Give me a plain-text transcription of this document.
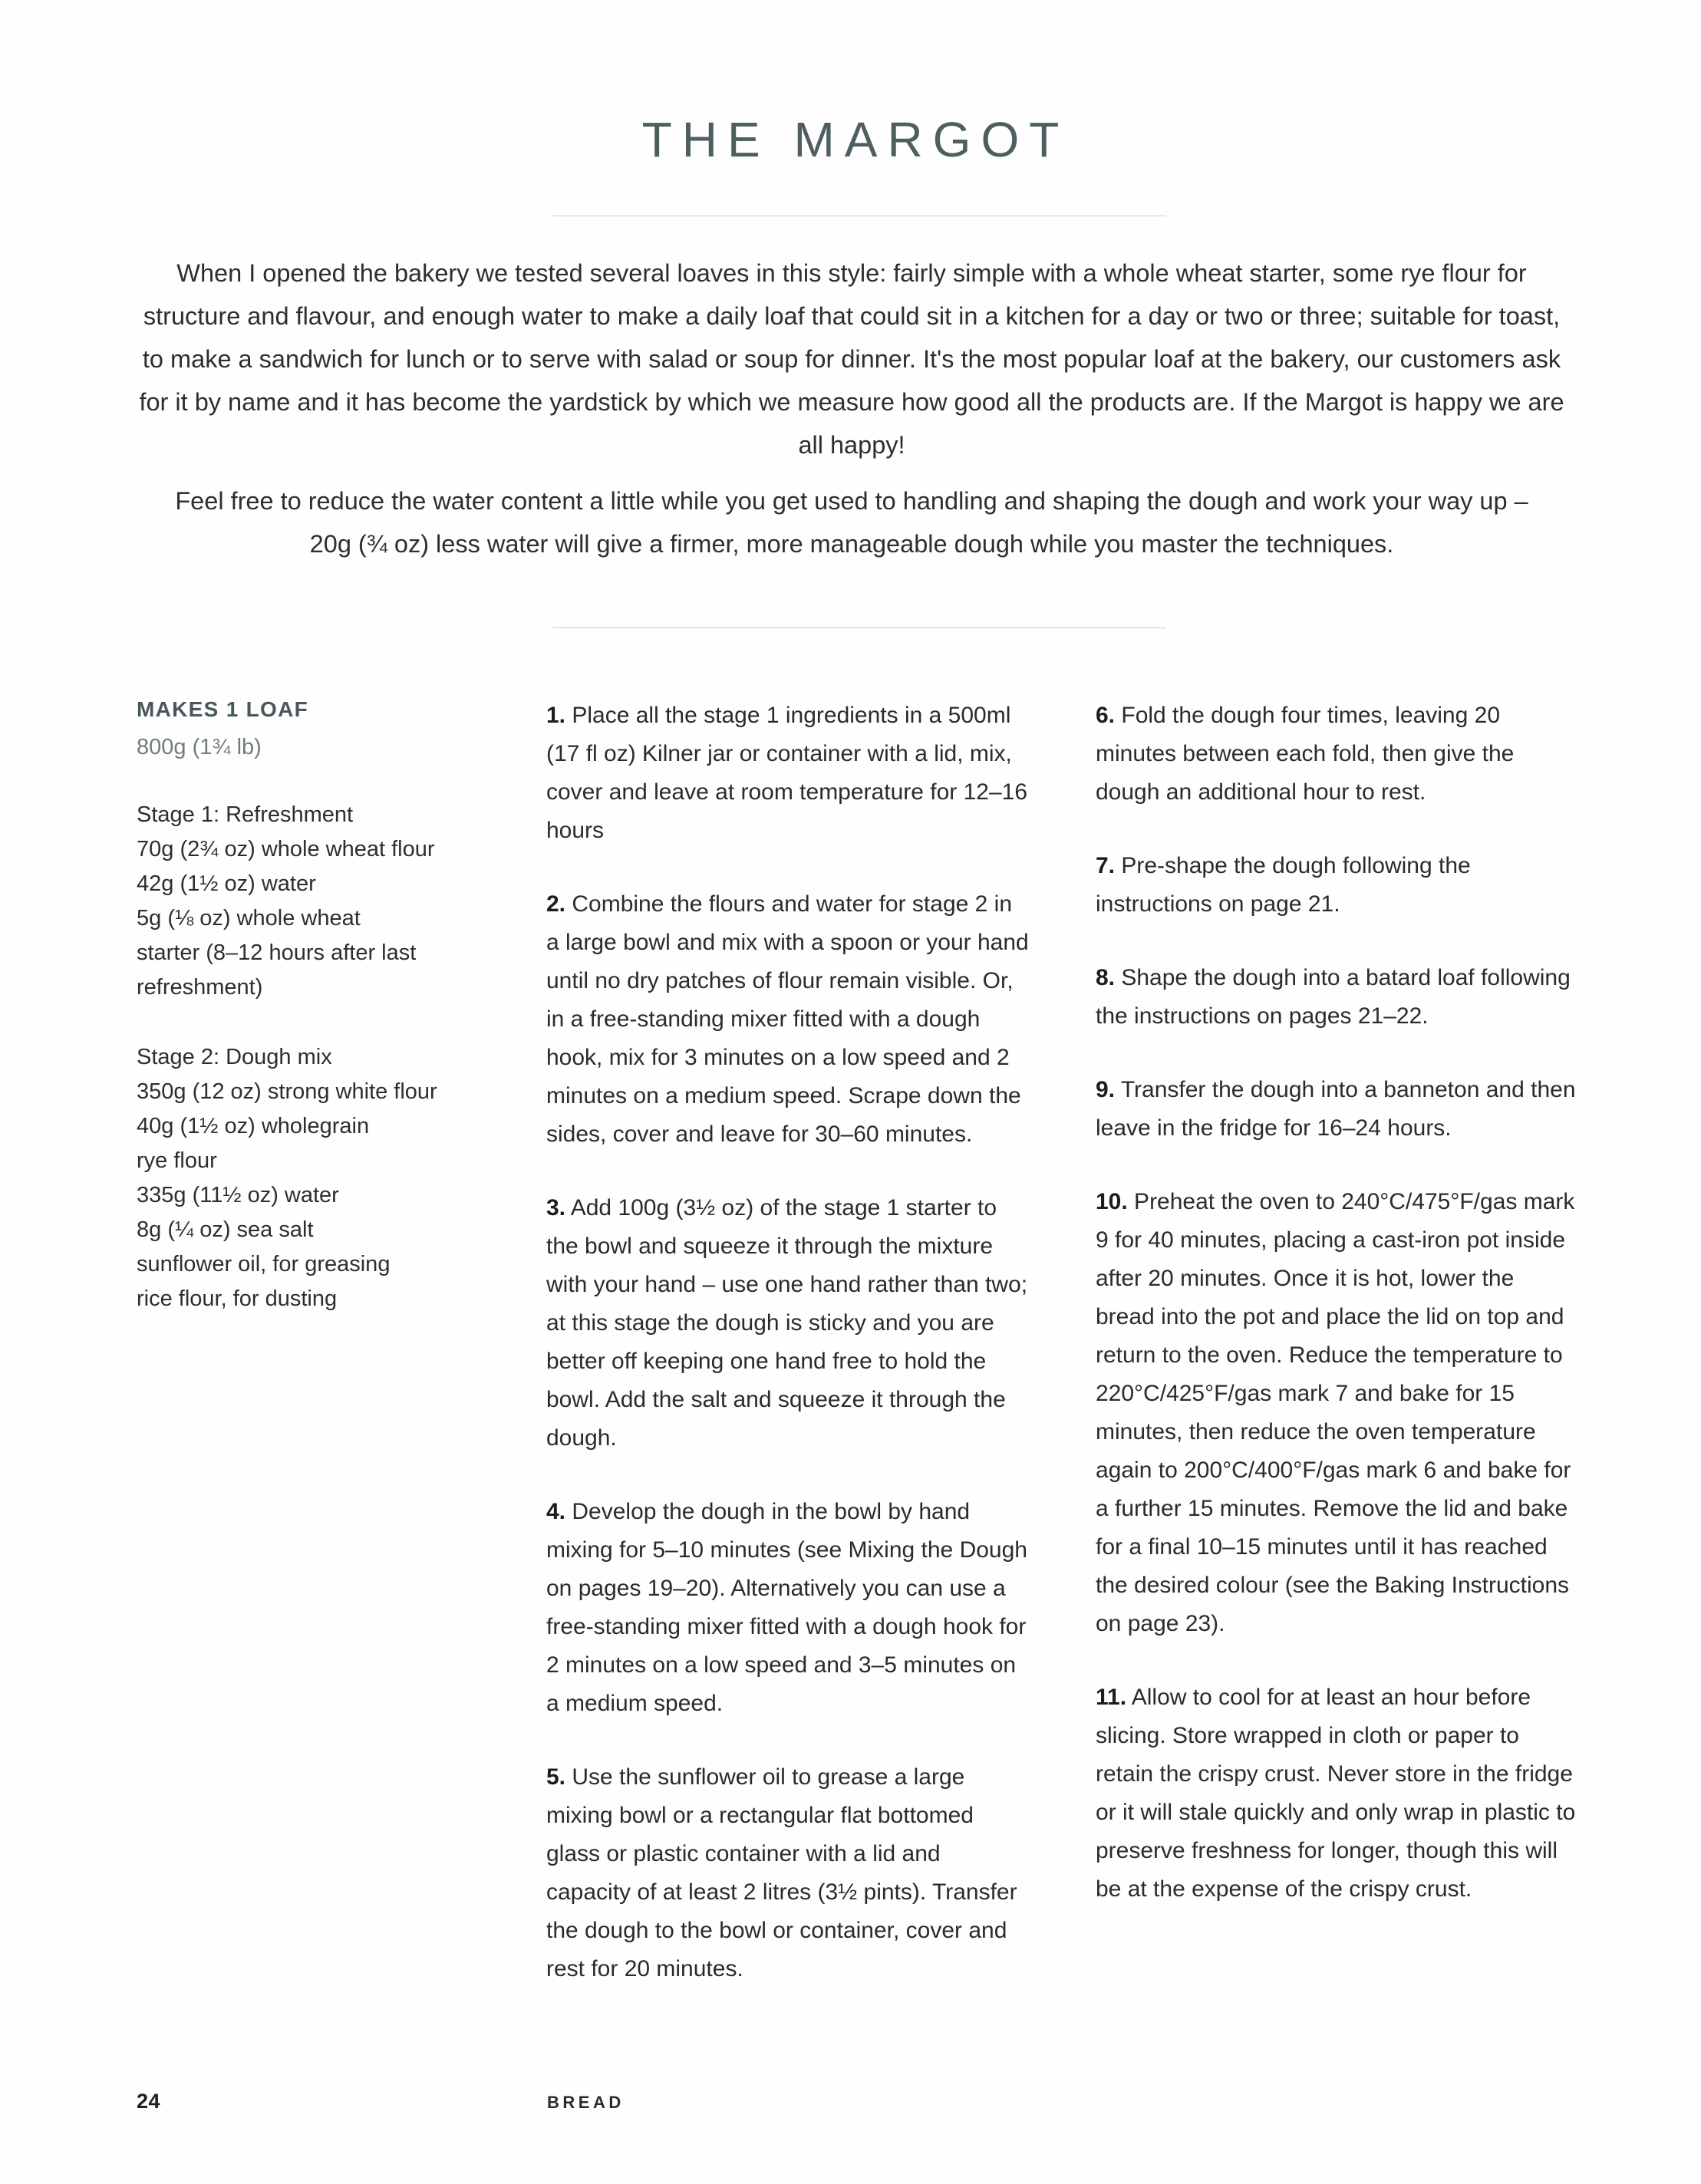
THE MARGOT

When I opened the bakery we tested several loaves in this style: fairly simple with a whole wheat starter, some rye flour for structure and flavour, and enough water to make a daily loaf that could sit in a kitchen for a day or two or three; suitable for toast, to make a sandwich for lunch or to serve with salad or soup for dinner. It's the most popular loaf at the bakery, our customers ask for it by name and it has become the yardstick by which we measure how good all the products are. If the Margot is happy we are all happy!

Feel free to reduce the water content a little while you get used to handling and shaping the dough and work your way up – 20g (¾ oz) less water will give a firmer, more manageable dough while you master the techniques.

MAKES 1 LOAF
800g (1¾ lb)
Stage 1: Refreshment
70g (2¾ oz) whole wheat flour
42g (1½ oz) water
5g (⅛ oz) whole wheat
starter (8–12 hours after last
refreshment)
Stage 2: Dough mix
350g (12 oz) strong white flour
40g (1½ oz) wholegrain
rye flour
335g (11½ oz) water
8g (¼ oz) sea salt
sunflower oil, for greasing
rice flour, for dusting

1. Place all the stage 1 ingredients in a 500ml (17 fl oz) Kilner jar or container with a lid, mix, cover and leave at room temperature for 12–16 hours

2. Combine the flours and water for stage 2 in a large bowl and mix with a spoon or your hand until no dry patches of flour remain visible. Or, in a free-standing mixer fitted with a dough hook, mix for 3 minutes on a low speed and 2 minutes on a medium speed. Scrape down the sides, cover and leave for 30–60 minutes.

3. Add 100g (3½ oz) of the stage 1 starter to the bowl and squeeze it through the mixture with your hand – use one hand rather than two; at this stage the dough is sticky and you are better off keeping one hand free to hold the bowl. Add the salt and squeeze it through the dough.

4. Develop the dough in the bowl by hand mixing for 5–10 minutes (see Mixing the Dough on pages 19–20). Alternatively you can use a free-standing mixer fitted with a dough hook for 2 minutes on a low speed and 3–5 minutes on a medium speed.

5. Use the sunflower oil to grease a large mixing bowl or a rectangular flat bottomed glass or plastic container with a lid and capacity of at least 2 litres (3½ pints). Transfer the dough to the bowl or container, cover and rest for 20 minutes.

6. Fold the dough four times, leaving 20 minutes between each fold, then give the dough an additional hour to rest.

7. Pre-shape the dough following the instructions on page 21.

8. Shape the dough into a batard loaf following the instructions on pages 21–22.

9. Transfer the dough into a banneton and then leave in the fridge for 16–24 hours.

10. Preheat the oven to 240°C/475°F/gas mark 9 for 40 minutes, placing a cast-iron pot inside after 20 minutes. Once it is hot, lower the bread into the pot and place the lid on top and return to the oven. Reduce the temperature to 220°C/425°F/gas mark 7 and bake for 15 minutes, then reduce the oven temperature again to 200°C/400°F/gas mark 6 and bake for a further 15 minutes. Remove the lid and bake for a final 10–15 minutes until it has reached the desired colour (see the Baking Instructions on page 23).

11. Allow to cool for at least an hour before slicing. Store wrapped in cloth or paper to retain the crispy crust. Never store in the fridge or it will stale quickly and only wrap in plastic to preserve freshness for longer, though this will be at the expense of the crispy crust.

24	BREAD
